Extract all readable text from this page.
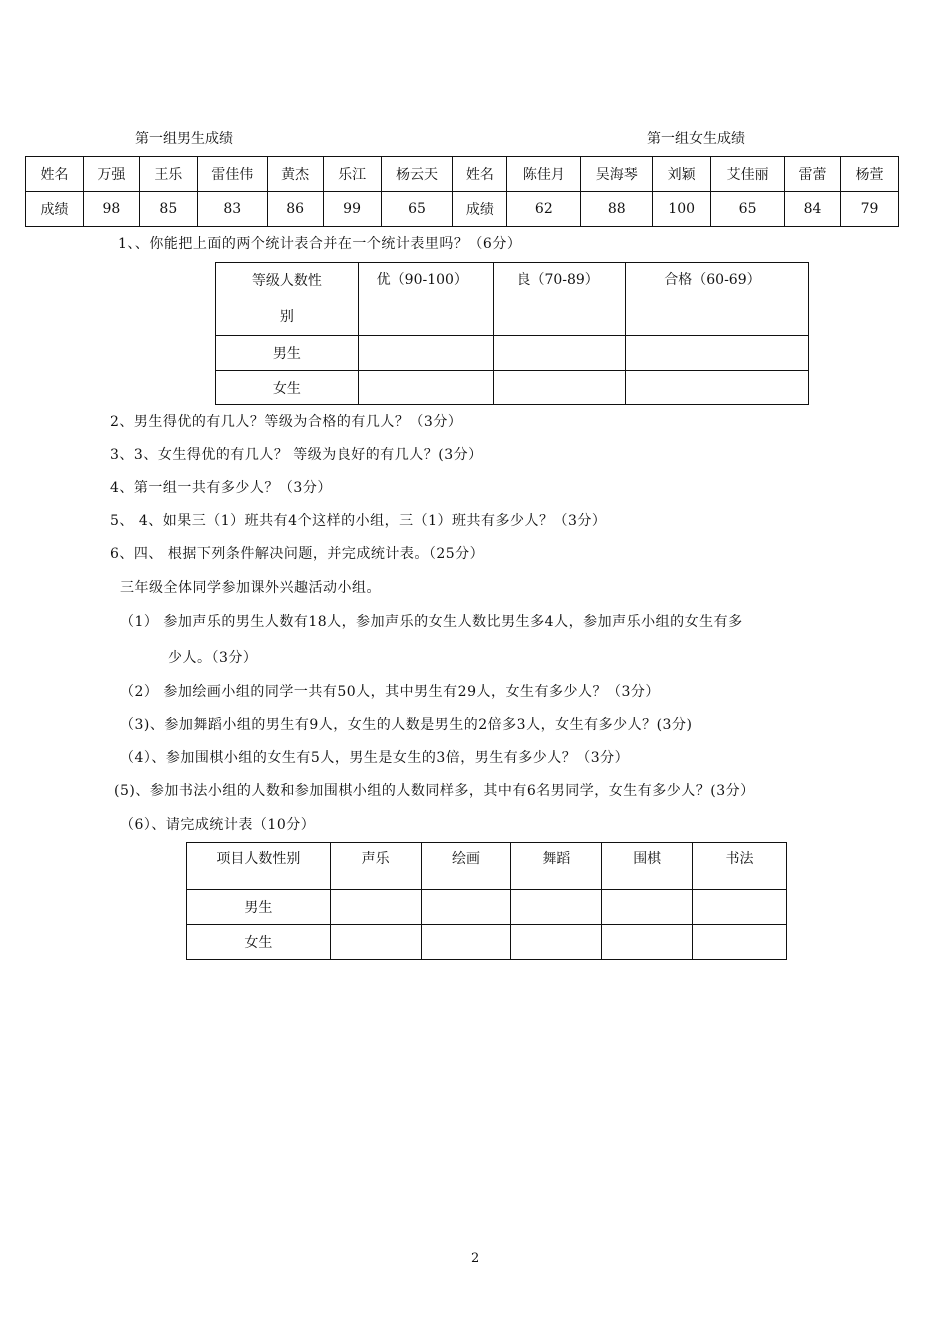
第一组男生成绩	第一组女生成绩
姓名	万强	王乐	雷佳伟	黄杰	乐江	杨云天	姓名	陈佳月	吴海琴	刘颖	艾佳丽	雷蕾	杨萱
成绩	98	85	83	86	99	65	成绩	62	88	100	65	84	79
1、、你能把上面的两个统计表合并在一个统计表里吗？（6分）
等级人数性
别	优（90-100）	良（70-89）	合格（60-69）
男生			
女生			
2、男生得优的有几人？等级为合格的有几人？（3分）
3、3、女生得优的有几人？ 等级为良好的有几人？(3分）
4、第一组一共有多少人？（3分）
5、 4、如果三（1）班共有4个这样的小组，三（1）班共有多少人？（3分）
6、四、 根据下列条件解决问题，并完成统计表。（25分）
三年级全体同学参加课外兴趣活动小组。
（1） 参加声乐的男生人数有18人，参加声乐的女生人数比男生多4人，参加声乐小组的女生有多
少人。（3分）
（2） 参加绘画小组的同学一共有50人，其中男生有29人，女生有多少人？（3分）
（3)、参加舞蹈小组的男生有9人，女生的人数是男生的2倍多3人，女生有多少人？(3分)
（4）、参加围棋小组的女生有5人，男生是女生的3倍，男生有多少人？（3分）
(5)、参加书法小组的人数和参加围棋小组的人数同样多，其中有6名男同学，女生有多少人？(3分）
（6）、请完成统计表（10分）
项目人数性别	声乐	绘画	舞蹈	围棋	书法
男生					
女生					
2
